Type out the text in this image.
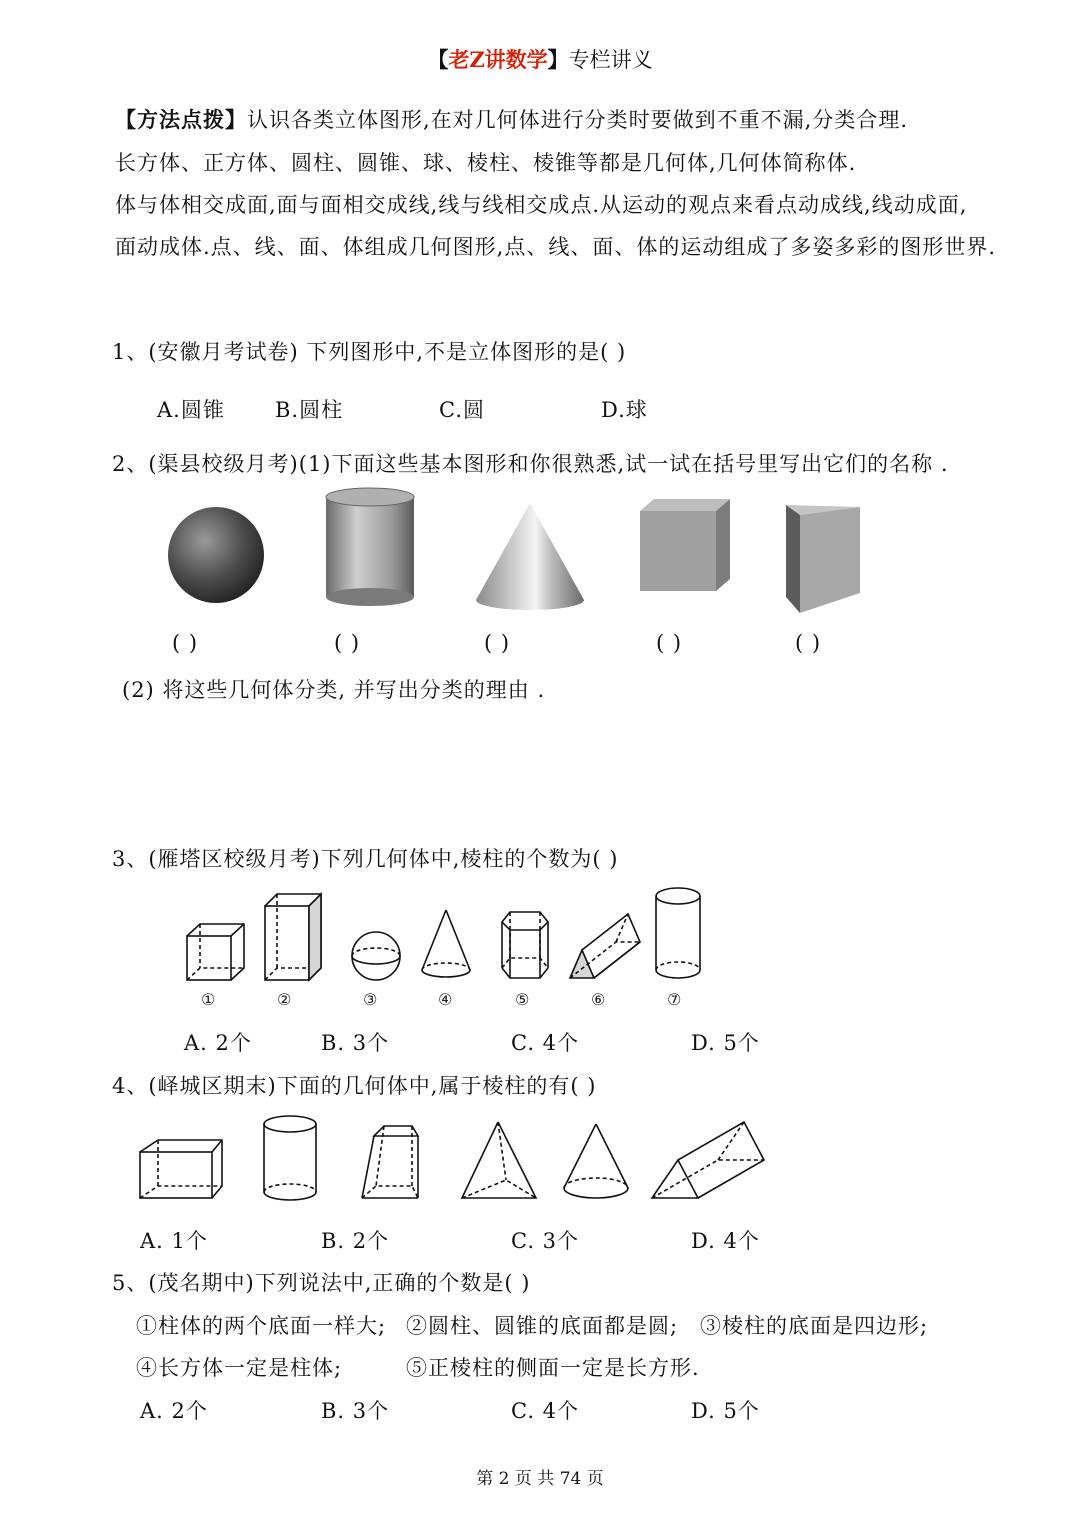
【老Z讲数学】专栏讲义
【方法点拨】认识各类立体图形,在对几何体进行分类时要做到不重不漏,分类合理.
长方体、正方体、圆柱、圆锥、球、棱柱、棱锥等都是几何体,几何体简称体.
体与体相交成面,面与面相交成线,线与线相交成点.从运动的观点来看点动成线,线动成面,
面动成体.点、线、面、体组成几何图形,点、线、面、体的运动组成了多姿多彩的图形世界.
1、(安徽月考试卷) 下列图形中,不是立体图形的是( )
A.圆锥 B.圆柱	C.圆	D.球
2、(渠县校级月考)(1)下面这些基本图形和你很熟悉,试一试在括号里写出它们的名称 .
( )	( )	( )	( )	( )
(2) 将这些几何体分类, 并写出分类的理由 .
3、(雁塔区校级月考)下列几何体中,棱柱的个数为( )
①	②	③	④	⑤	⑥	⑦
A. 2个	B. 3个	C. 4个	D. 5个
4、(峄城区期末)下面的几何体中,属于棱柱的有( )
A. 1个	B. 2个	C. 3个	D. 4个
5、(茂名期中)下列说法中,正确的个数是( )
①柱体的两个底面一样大; ②圆柱、圆锥的底面都是圆; ③棱柱的底面是四边形;
④长方体一定是柱体;	⑤正棱柱的侧面一定是长方形.
A. 2个	B. 3个	C. 4个	D. 5个
第 2 页 共 74 页
